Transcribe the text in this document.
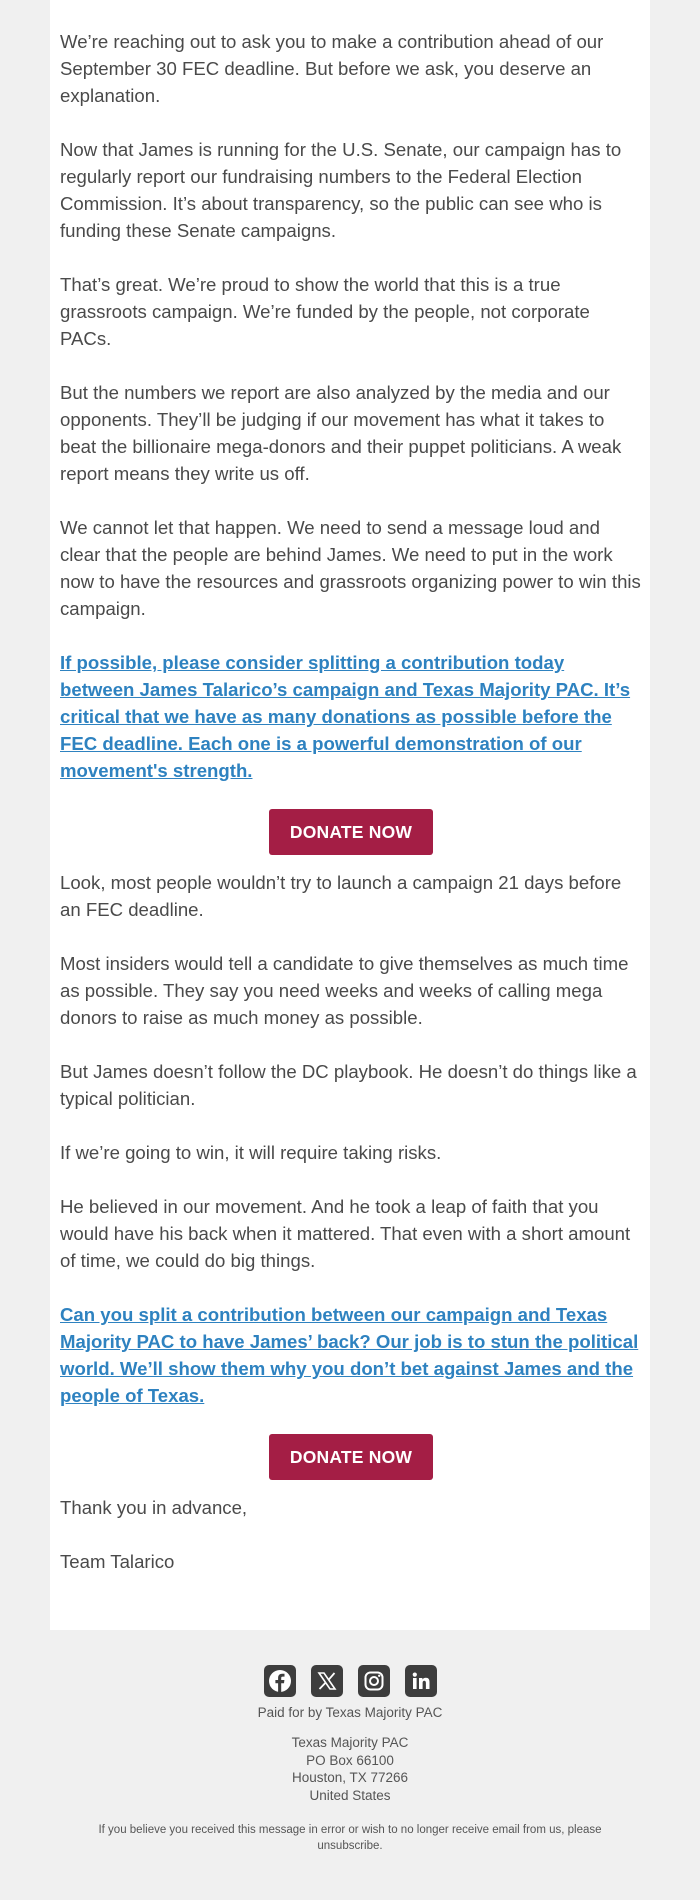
We’re reaching out to ask you to make a contribution ahead of our September 30 FEC deadline. But before we ask, you deserve an explanation.

Now that James is running for the U.S. Senate, our campaign has to regularly report our fundraising numbers to the Federal Election Commission. It’s about transparency, so the public can see who is funding these Senate campaigns.

That’s great. We’re proud to show the world that this is a true grassroots campaign. We’re funded by the people, not corporate PACs.

But the numbers we report are also analyzed by the media and our opponents. They’ll be judging if our movement has what it takes to beat the billionaire mega-donors and their puppet politicians. A weak report means they write us off.

We cannot let that happen. We need to send a message loud and clear that the people are behind James. We need to put in the work now to have the resources and grassroots organizing power to win this campaign.

If possible, please consider splitting a contribution today between James Talarico’s campaign and Texas Majority PAC. It’s critical that we have as many donations as possible before the FEC deadline. Each one is a powerful demonstration of our movement's strength.
DONATE NOW

Look, most people wouldn’t try to launch a campaign 21 days before an FEC deadline.

Most insiders would tell a candidate to give themselves as much time as possible. They say you need weeks and weeks of calling mega donors to raise as much money as possible.

But James doesn’t follow the DC playbook. He doesn’t do things like a typical politician.

If we’re going to win, it will require taking risks.

He believed in our movement. And he took a leap of faith that you would have his back when it mattered. That even with a short amount of time, we could do big things.

Can you split a contribution between our campaign and Texas Majority PAC to have James’ back? Our job is to stun the political world. We’ll show them why you don’t bet against James and the people of Texas.
DONATE NOW

Thank you in advance,

Team Talarico

Paid for by Texas Majority PAC
Texas Majority PAC
PO Box 66100
Houston, TX 77266
United States
If you believe you received this message in error or wish to no longer receive email from us, please unsubscribe.
